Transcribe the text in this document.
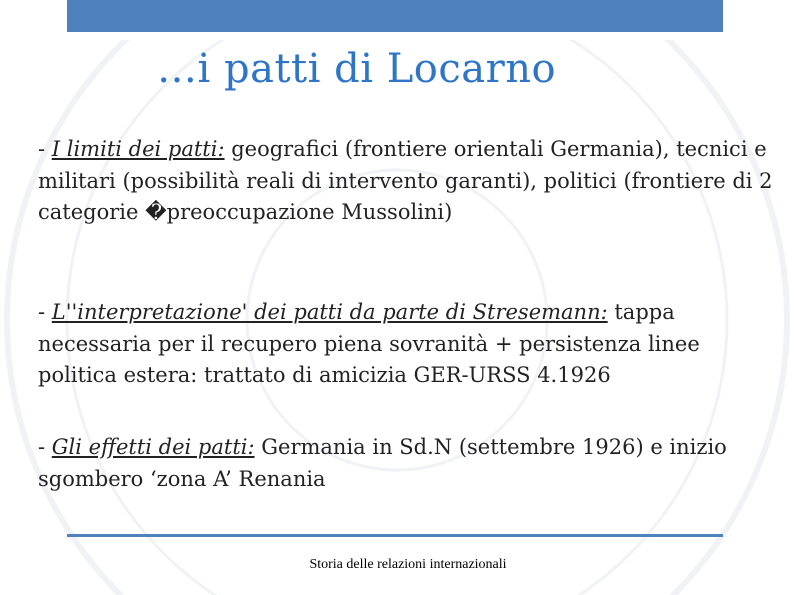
…i patti di Locarno

- I limiti dei patti: geografici (frontiere orientali Germania), tecnici e militari (possibilità reali di intervento garanti), politici (frontiere di 2 categorie �preoccupazione Mussolini)

- L''interpretazione' dei patti da parte di Stresemann: tappa necessaria per il recupero piena sovranità + persistenza linee politica estera: trattato di amicizia GER-URSS 4.1926

- Gli effetti dei patti: Germania in Sd.N (settembre 1926) e inizio sgombero ‘zona A’ Renania

Storia delle relazioni internazionali
